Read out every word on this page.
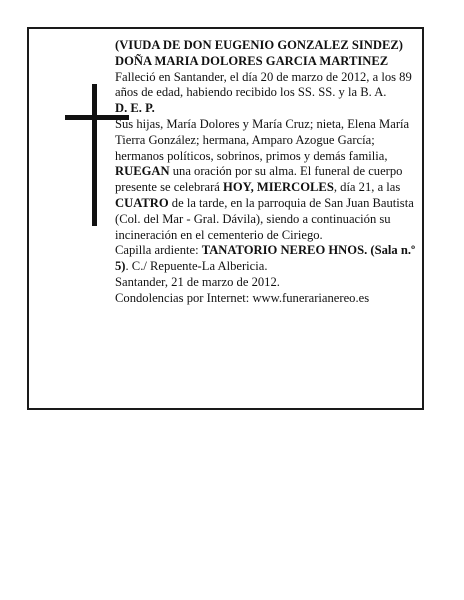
(VIUDA DE DON EUGENIO GONZALEZ SINDEZ)

DOÑA MARIA DOLORES GARCIA MARTINEZ

Falleció en Santander, el día 20 de marzo de 2012, a los 89 años de edad, habiendo recibido los SS. SS. y la B. A.

D. E. P.

Sus hijas, María Dolores y María Cruz; nieta, Elena María Tierra González; hermana, Amparo Azogue García; hermanos políticos, sobrinos, primos y demás familia,

RUEGAN una oración por su alma. El funeral de cuerpo presente se celebrará HOY, MIERCOLES, día 21, a las CUATRO de la tarde, en la parroquia de San Juan Bautista (Col. del Mar - Gral. Dávila), siendo a continuación su incineración en el cementerio de Ciriego.

Capilla ardiente: TANATORIO NEREO HNOS. (Sala n.º 5). C./ Repuente-La Albericia.

Santander, 21 de marzo de 2012.

Condolencias por Internet: www.funerarianereo.es
